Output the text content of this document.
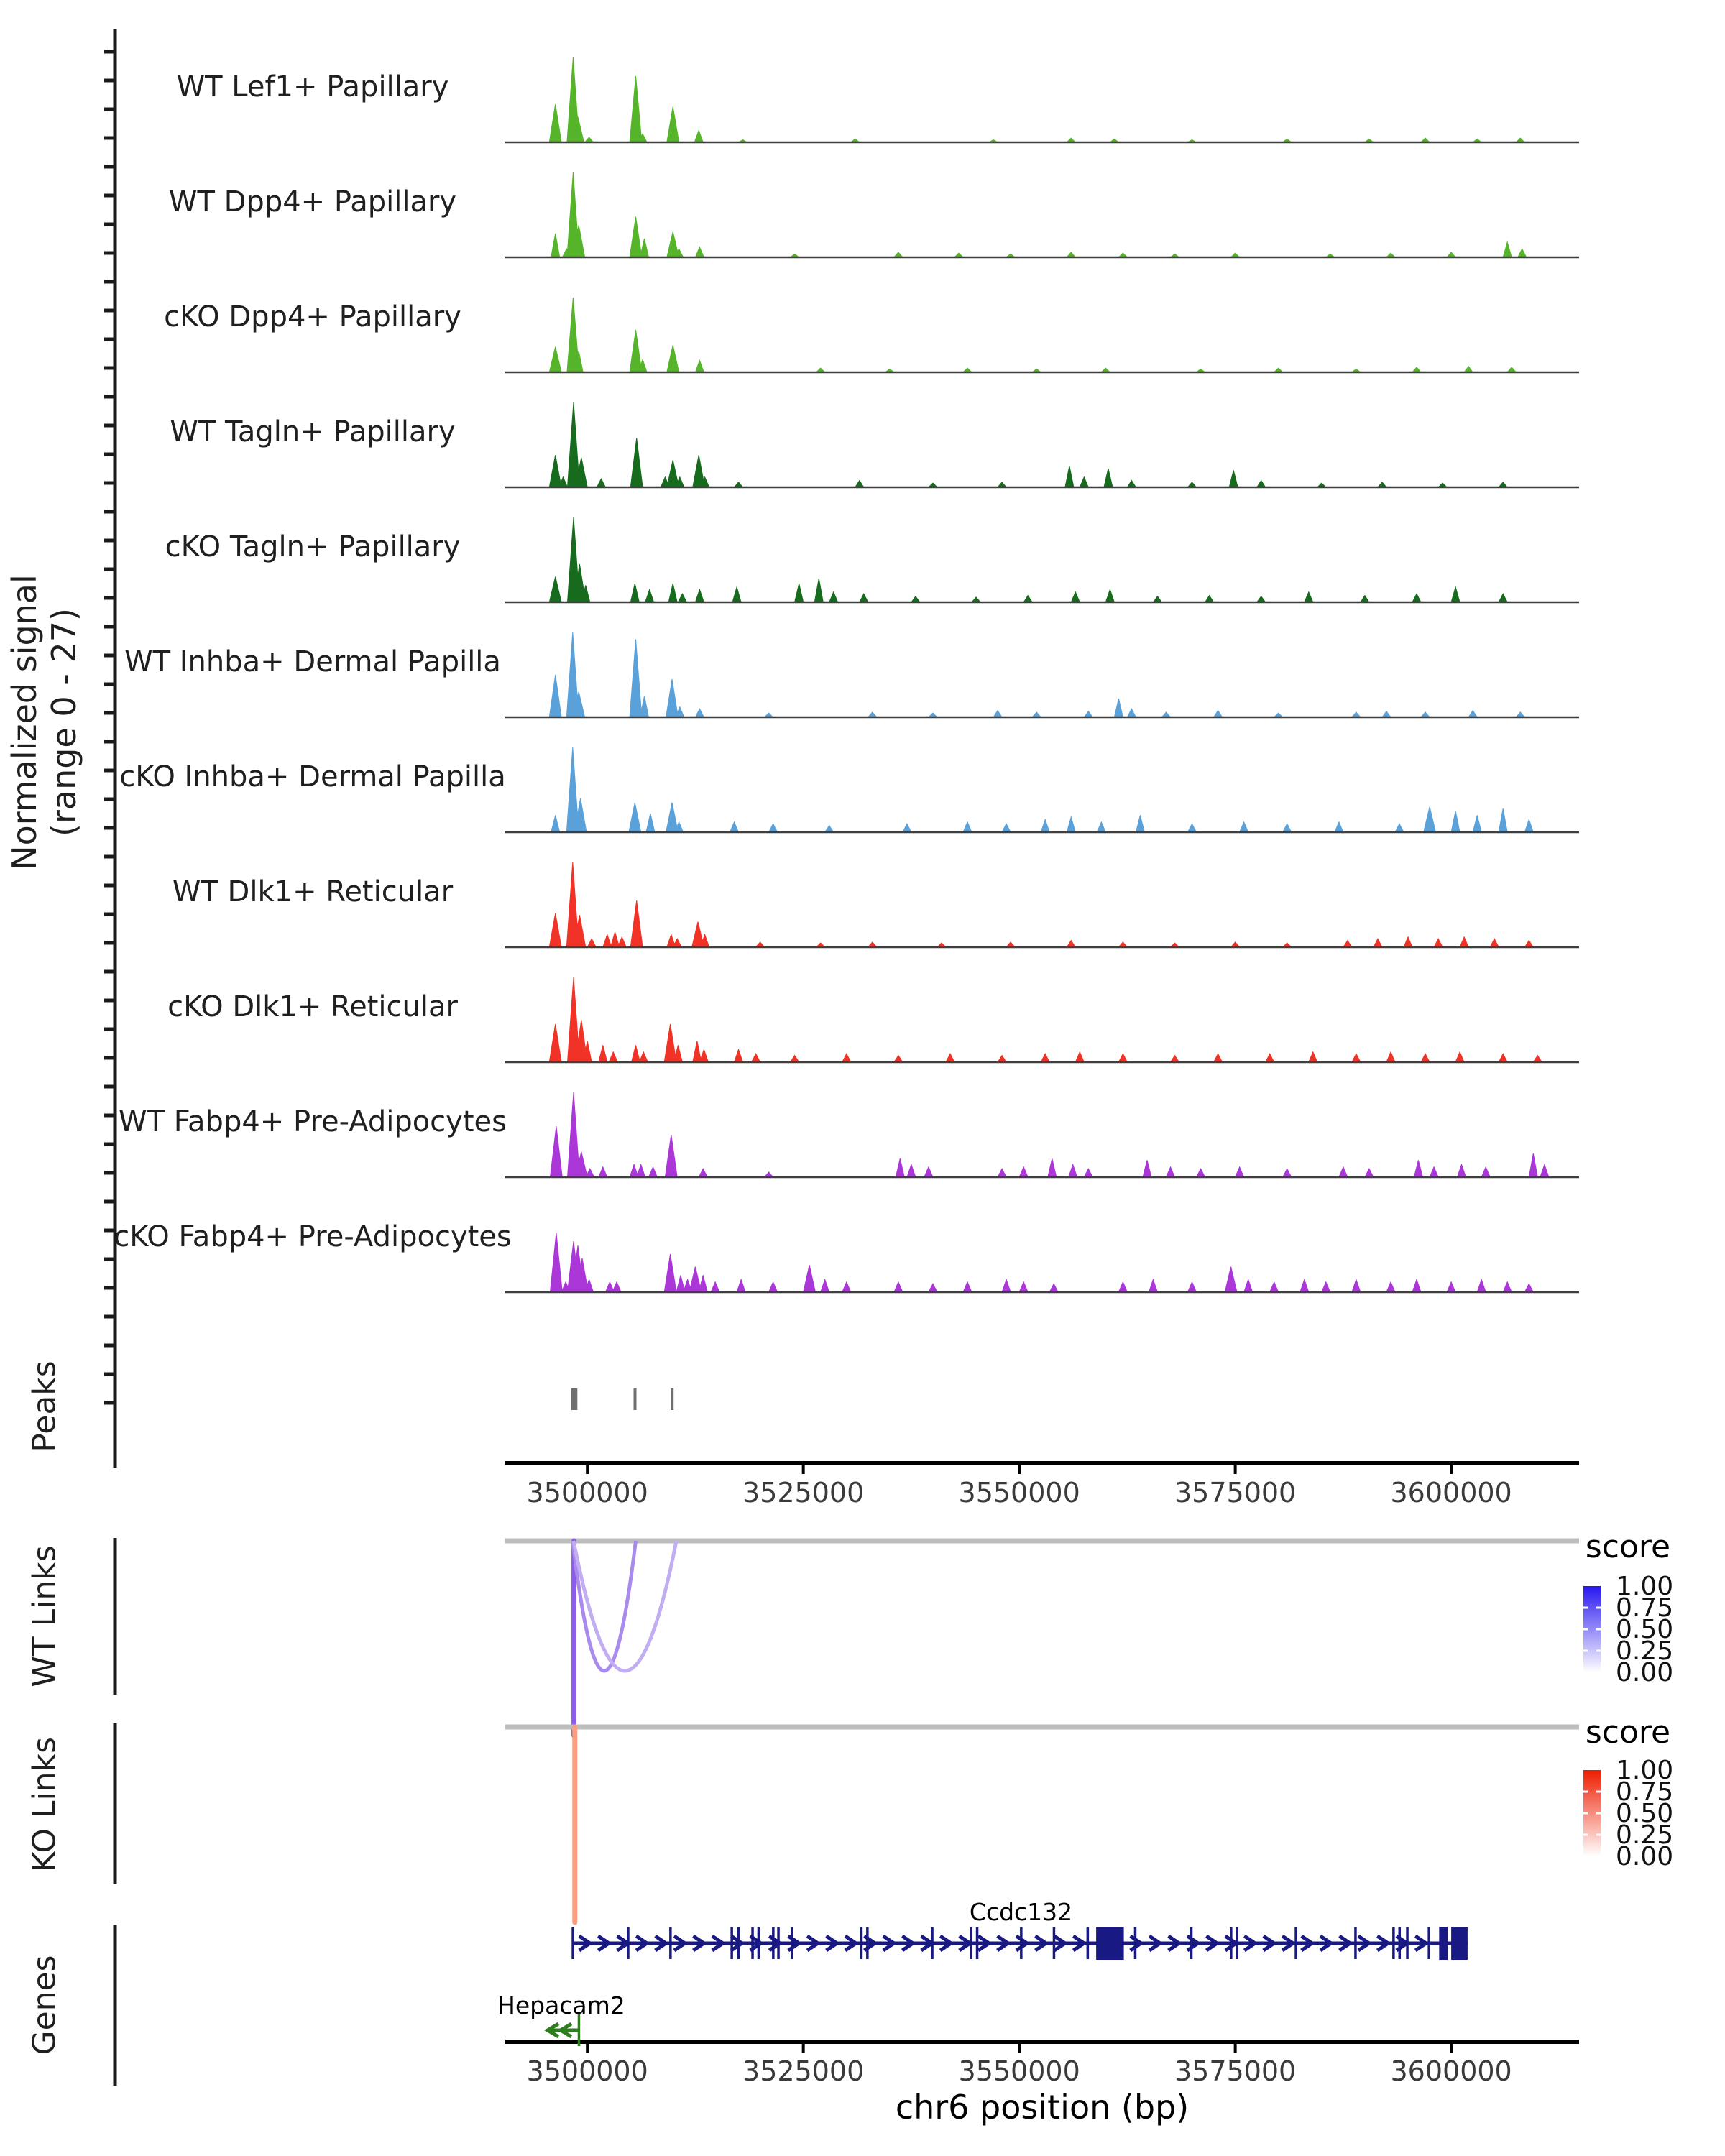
3500000	3525000	3550000	3575000	3600000
3500000	3525000	3550000	3575000	3600000
chr6 position (bp)
score
1.00
0.75
0.50
0.25
0.00
score
1.00
0.75
0.50
0.25
0.00
Ccdc132
Hepacam2
Normalized signal (range 0 - 27)
Peaks
WT Links
KO Links
Genes
WT Lef1+ Papillary
WT Dpp4+ Papillary
cKO Dpp4+ Papillary
WT Tagln+ Papillary
cKO Tagln+ Papillary
WT Inhba+ Dermal Papilla
cKO Inhba+ Dermal Papilla
WT Dlk1+ Reticular
cKO Dlk1+ Reticular
WT Fabp4+ Pre-Adipocytes
cKO Fabp4+ Pre-Adipocytes
